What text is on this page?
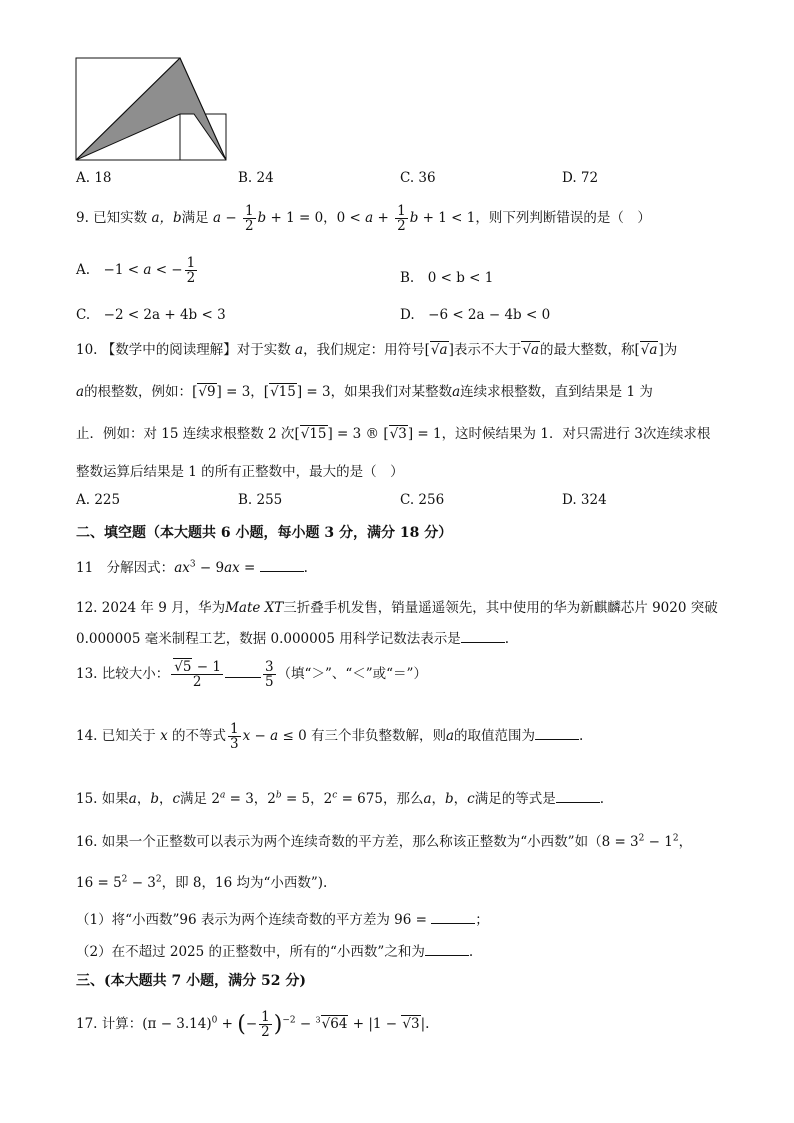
A. 18	B. 24	C. 36	D. 72
9. 已知实数 a，b满足 $a - \frac{1}{2}$ b + 1 = 0，$0 < a + \frac{1}{2}$ b + 1 < 1，则下列判断错误的是（　）
A.　−1 < a < − $\frac{1}{2}$	B.　0 < b < 1
C.　−2 < 2a + 4b < 3	D.　−6 < 2a − 4b < 0
10. 【数学中的阅读理解】对于实数 a，我们规定：用符号[√a]表示不大于√a的最大整数，称[√a]为
a的根整数，例如：[√9] = 3，[√15] = 3，如果我们对某整数a连续求根整数，直到结果是 1 为
止．例如：对 15 连续求根整数 2 次[√15] = 3 ® [√3] = 1，这时候结果为 1．对只需进行 3次连续求根
整数运算后结果是 1 的所有正整数中，最大的是（　）
A. 225	B. 255	C. 256	D. 324
二、填空题（本大题共 6 小题，每小题 3 分，满分 18 分）
11　分解因式：$ax^3 - 9ax$ =	.
12. 2024 年 9 月，华为Mate XT三折叠手机发售，销量遥遥领先，其中使用的华为新麒麟芯片 9020 突破
0.000005 毫米制程工艺，数据 0.000005 用科学记数法表示是	.
13. 比较大小： $\frac{√5 - 1}{2}$	$\frac{3}{5}$ （填“＞”、“＜”或“＝”）
14. 已知关于 x 的不等式 $\frac{1}{3}$ x − a ≤ 0 有三个非负整数解，则a的取值范围为	.
15. 如果a，b，c满足 $2^a = 3$，$2^b = 5$，$2^c = 675$，那么a，b，c满足的等式是	.
16. 如果一个正整数可以表示为两个连续奇数的平方差，那么称该正整数为“小西数”如（$8 = 3^2 - 1^2$，
$16 = 5^2 - 3^2$，即 8，16 均为“小西数”).
（1）将“小西数”96 表示为两个连续奇数的平方差为 96 =	；
（2）在不超过 2025 的正整数中，所有的“小西数”之和为	.
三、(本大题共 7 小题，满分 52 分)
17. 计算：$(\pi - 3.14)^0$ + (− $\frac{1}{2} )^{-2} - ^3√64 + |1 - √3|$.
